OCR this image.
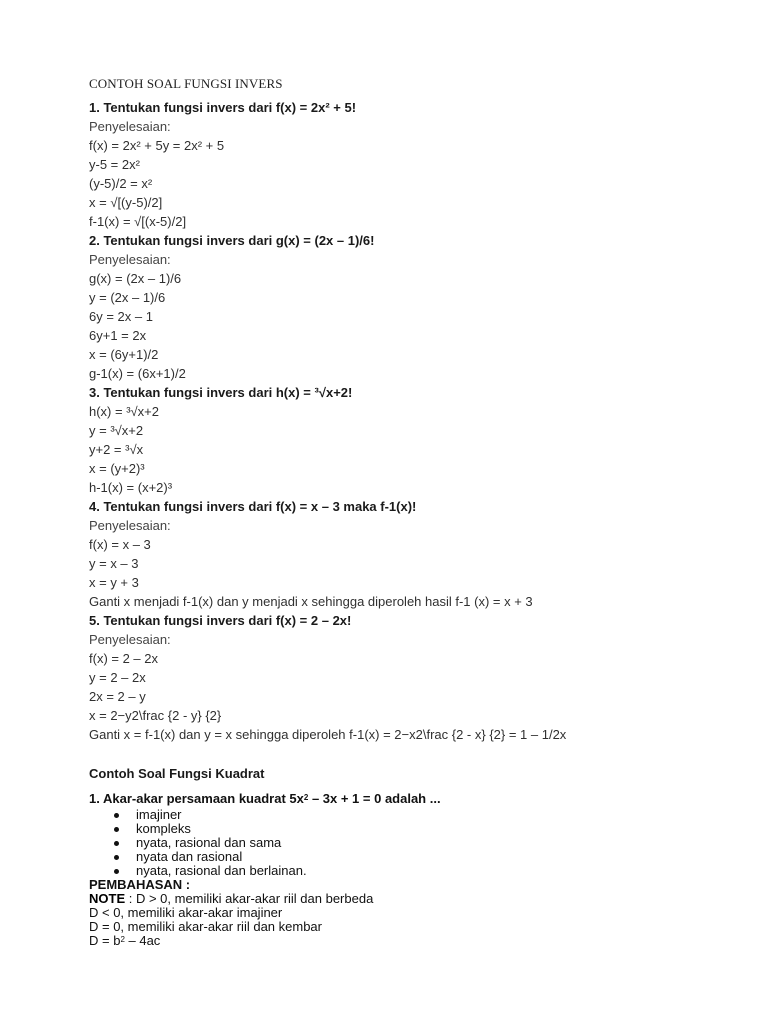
CONTOH SOAL FUNGSI INVERS
1. Tentukan fungsi invers dari f(x) = 2x² + 5!
Penyelesaian:
f(x) = 2x² + 5y = 2x² + 5
y-5 = 2x²
(y-5)/2 = x²
x = √[(y-5)/2]
f-1(x) = √[(x-5)/2]
2. Tentukan fungsi invers dari g(x) = (2x – 1)/6!
Penyelesaian:
g(x) = (2x – 1)/6
y = (2x – 1)/6
6y = 2x – 1
6y+1 = 2x
x = (6y+1)/2
g-1(x) = (6x+1)/2
3. Tentukan fungsi invers dari h(x) = ³√x+2!
h(x) = ³√x+2
y = ³√x+2
y+2 = ³√x
x = (y+2)³
h-1(x) = (x+2)³
4. Tentukan fungsi invers dari f(x) = x – 3 maka f-1(x)!
Penyelesaian:
f(x) = x – 3
y = x – 3
x = y + 3
Ganti x menjadi f-1(x) dan y menjadi x sehingga diperoleh hasil f-1 (x) = x + 3
5. Tentukan fungsi invers dari f(x) = 2 – 2x!
Penyelesaian:
f(x) = 2 – 2x
y = 2 – 2x
2x = 2 – y
x = 2−y2\frac {2 - y} {2}
Ganti x = f-1(x) dan y = x sehingga diperoleh f-1(x) = 2−x2\frac {2 - x} {2} = 1 – 1/2x
Contoh Soal Fungsi Kuadrat
1. Akar-akar persamaan kuadrat $5x^2 - 3x + 1 = 0$ adalah ...
imajiner
kompleks
nyata, rasional dan sama
nyata dan rasional
nyata, rasional dan berlainan.
PEMBAHASAN :
NOTE : D > 0, memiliki akar-akar riil dan berbeda
D < 0, memiliki akar-akar imajiner
D = 0, memiliki akar-akar riil dan kembar
$D = b^2 - 4ac$
